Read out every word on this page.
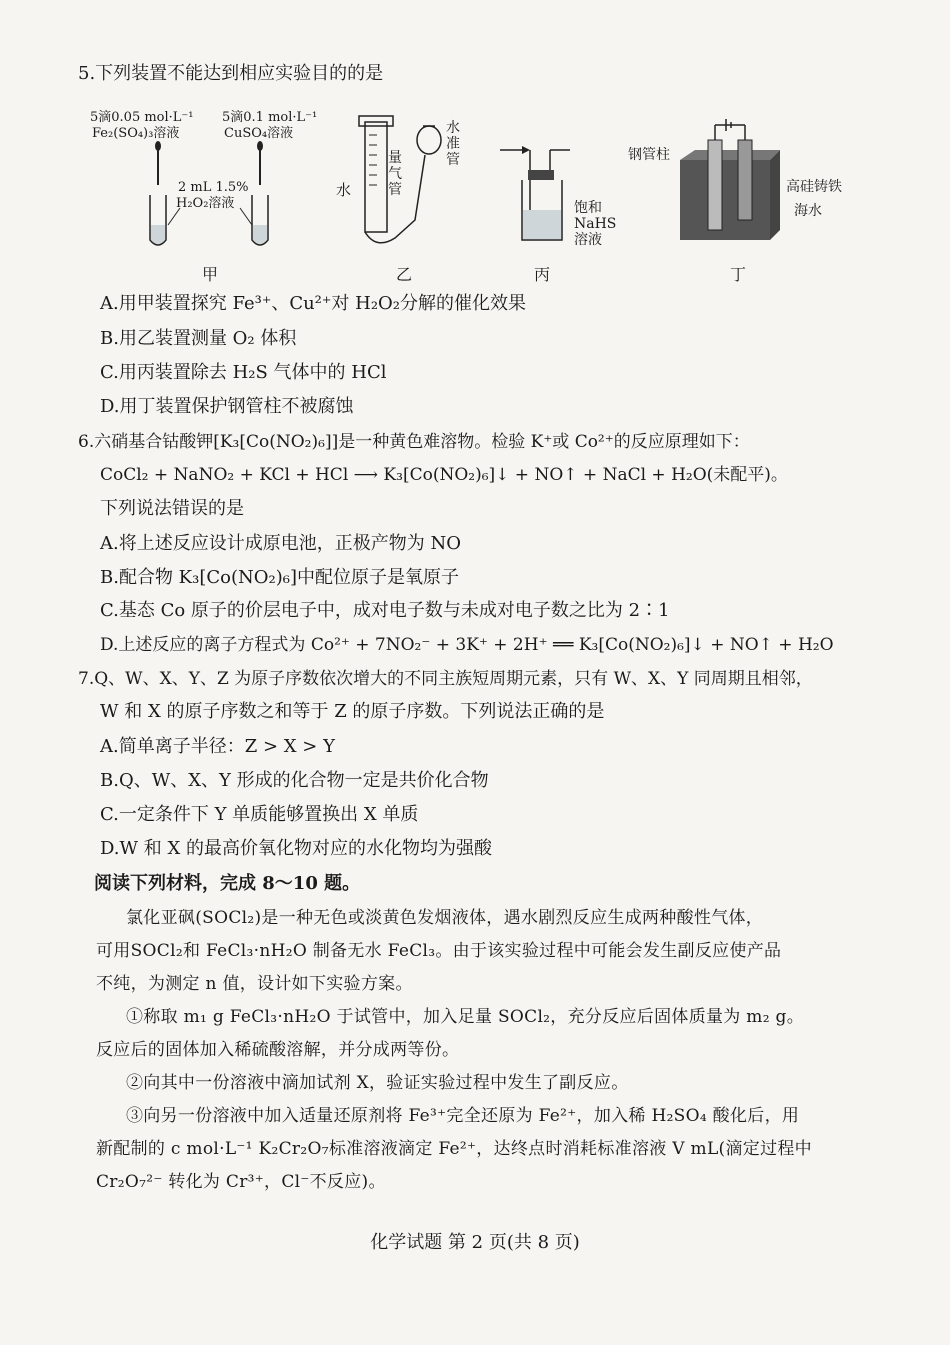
5.下列装置不能达到相应实验目的的是
5滴0.05 mol·L⁻¹
Fe₂(SO₄)₃溶液
5滴0.1 mol·L⁻¹
CuSO₄溶液
2 mL 1.5%
H₂O₂溶液
水
量
气
管
水
准
管
饱和
NaHS
溶液
钢管柱
高硅铸铁
海水
甲	乙	丙	丁
A.用甲装置探究 Fe³⁺、Cu²⁺对 H₂O₂分解的催化效果
B.用乙装置测量 O₂ 体积
C.用丙装置除去 H₂S 气体中的 HCl
D.用丁装置保护钢管柱不被腐蚀
6.六硝基合钴酸钾[K₃[Co(NO₂)₆]]是一种黄色难溶物。检验 K⁺或 Co²⁺的反应原理如下：
CoCl₂ + NaNO₂ + KCl + HCl ⟶ K₃[Co(NO₂)₆]↓ + NO↑ + NaCl + H₂O(未配平)。
下列说法错误的是
A.将上述反应设计成原电池，正极产物为 NO
B.配合物 K₃[Co(NO₂)₆]中配位原子是氧原子
C.基态 Co 原子的价层电子中，成对电子数与未成对电子数之比为 2∶1
D.上述反应的离子方程式为 Co²⁺ + 7NO₂⁻ + 3K⁺ + 2H⁺ ══ K₃[Co(NO₂)₆]↓ + NO↑ + H₂O
7.Q、W、X、Y、Z 为原子序数依次增大的不同主族短周期元素，只有 W、X、Y 同周期且相邻，
W 和 X 的原子序数之和等于 Z 的原子序数。下列说法正确的是
A.简单离子半径：Z > X > Y
B.Q、W、X、Y 形成的化合物一定是共价化合物
C.一定条件下 Y 单质能够置换出 X 单质
D.W 和 X 的最高价氧化物对应的水化物均为强酸
阅读下列材料，完成 8～10 题。
氯化亚砜(SOCl₂)是一种无色或淡黄色发烟液体，遇水剧烈反应生成两种酸性气体，
可用SOCl₂和 FeCl₃·nH₂O 制备无水 FeCl₃。由于该实验过程中可能会发生副反应使产品
不纯，为测定 n 值，设计如下实验方案。
①称取 m₁ g FeCl₃·nH₂O 于试管中，加入足量 SOCl₂，充分反应后固体质量为 m₂ g。
反应后的固体加入稀硫酸溶解，并分成两等份。
②向其中一份溶液中滴加试剂 X，验证实验过程中发生了副反应。
③向另一份溶液中加入适量还原剂将 Fe³⁺完全还原为 Fe²⁺，加入稀 H₂SO₄ 酸化后，用
新配制的 c mol·L⁻¹ K₂Cr₂O₇标准溶液滴定 Fe²⁺，达终点时消耗标准溶液 V mL(滴定过程中
Cr₂O₇²⁻ 转化为 Cr³⁺，Cl⁻不反应)。
化学试题 第 2 页(共 8 页)
